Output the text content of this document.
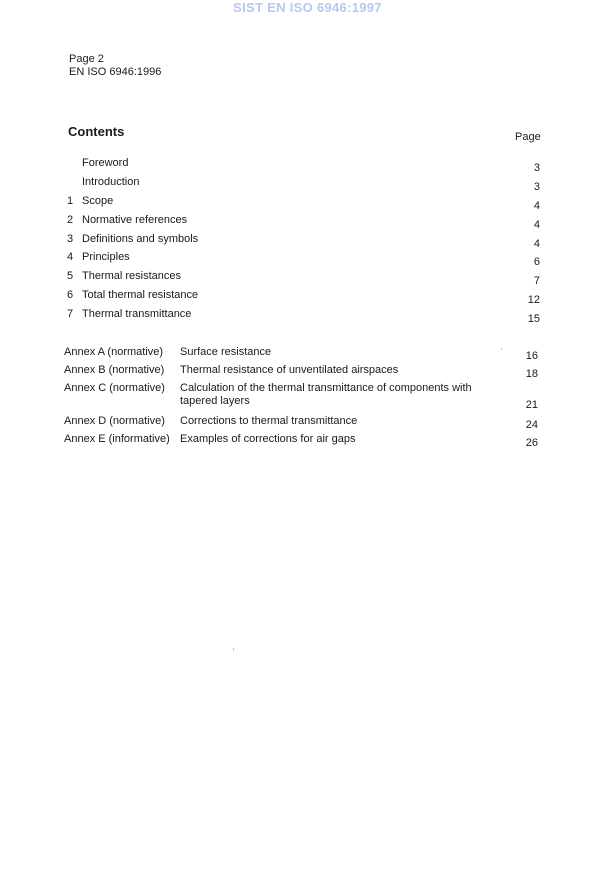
SIST EN ISO 6946:1997
Page 2
EN ISO 6946:1996
Contents	Page
Foreword	3
Introduction	3
1 Scope	4
2 Normative references	4
3 Definitions and symbols	4
4 Principles	6
5 Thermal resistances	7
6 Total thermal resistance	12
7 Thermal transmittance	15
Annex A (normative) Surface resistance	16
Annex B (normative) Thermal resistance of unventilated airspaces	18
Annex C (normative) Calculation of the thermal transmittance of components with tapered layers	21
Annex D (normative) Corrections to thermal transmittance	24
Annex E (informative) Examples of corrections for air gaps	26
